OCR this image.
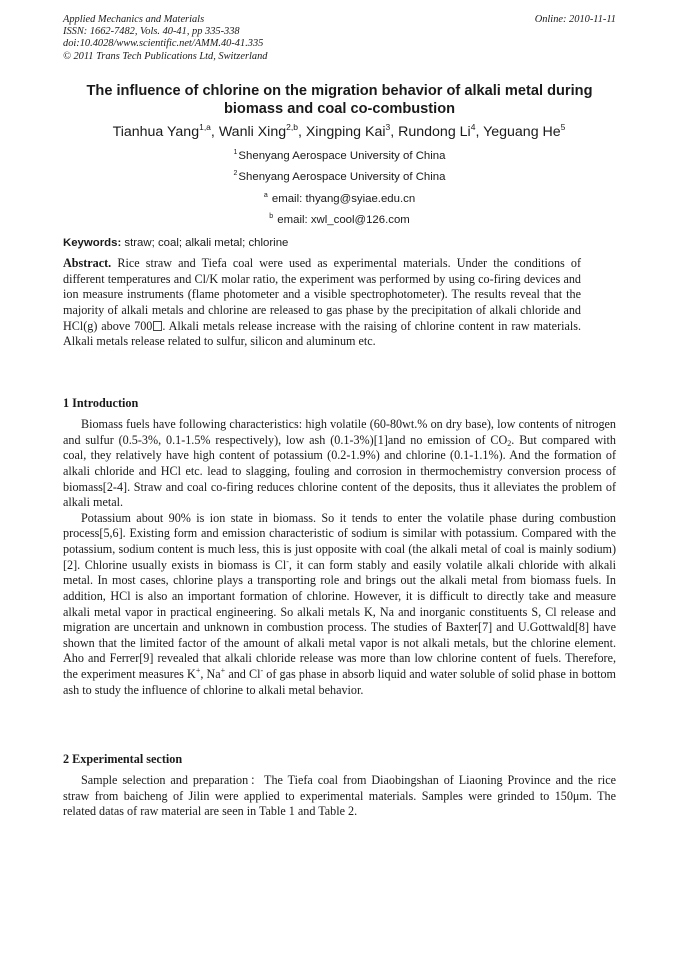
Applied Mechanics and Materials
ISSN: 1662-7482, Vols. 40-41, pp 335-338
doi:10.4028/www.scientific.net/AMM.40-41.335
© 2011 Trans Tech Publications Ltd, Switzerland
Online: 2010-11-11
The influence of chlorine on the migration behavior of alkali metal during biomass and coal co-combustion
Tianhua Yang$^{1,a}$, Wanli Xing$^{2,b}$, Xingping Kai$^3$, Rundong Li$^4$, Yeguang He$^5$
$^1$Shenyang Aerospace University of China
$^2$Shenyang Aerospace University of China
$^a$ email: thyang@syiae.edu.cn
$^b$ email: xwl_cool@126.com
Keywords: straw; coal; alkali metal; chlorine

Abstract. Rice straw and Tiefa coal were used as experimental materials. Under the conditions of different temperatures and Cl/K molar ratio, the experiment was performed by using co-firing devices and ion measure instruments (flame photometer and a visible spectrophotometer). The results reveal that the majority of alkali metals and chlorine are released to gas phase by the precipitation of alkali chloride and HCl(g) above 700 . Alkali metals release increase with the raising of chlorine content in raw materials. Alkali metals release related to sulfur, silicon and aluminum etc.

1 Introduction

Biomass fuels have following characteristics: high volatile (60-80wt.% on dry base), low contents of nitrogen and sulfur (0.5-3%, 0.1-1.5% respectively), low ash (0.1-3%)[1]and no emission of $CO_2$. But compared with coal, they relatively have high content of potassium (0.2-1.9%) and chlorine (0.1-1.1%). And the formation of alkali chloride and HCl etc. lead to slagging, fouling and corrosion in thermochemistry conversion process of biomass[2-4]. Straw and coal co-firing reduces chlorine content of the deposits, thus it alleviates the problem of alkali metal.

Potassium about 90% is ion state in biomass. So it tends to enter the volatile phase during combustion process[5,6]. Existing form and emission characteristic of sodium is similar with potassium. Compared with the potassium, sodium content is much less, this is just opposite with coal (the alkali metal of coal is mainly sodium)[2]. Chlorine usually exists in biomass is Cl-, it can form stably and easily volatile alkali chloride with alkali metal. In most cases, chlorine plays a transporting role and brings out the alkali metal from biomass fuels. In addition, HCl is also an important formation of chlorine. However, it is difficult to directly take and measure alkali metal vapor in practical engineering. So alkali metals K, Na and inorganic constituents S, Cl release and migration are uncertain and unknown in combustion process. The studies of Baxter[7] and U.Gottwald[8] have shown that the limited factor of the amount of alkali metal vapor is not alkali metals, but the chlorine element. Aho and Ferrer[9] revealed that alkali chloride release was more than low chlorine content of fuels. Therefore, the experiment measures K+, Na+ and Cl- of gas phase in absorb liquid and water soluble of solid phase in bottom ash to study the influence of chlorine to alkali metal behavior.

2 Experimental section

Sample selection and preparation：The Tiefa coal from Diaobingshan of Liaoning Province and the rice straw from baicheng of Jilin were applied to experimental materials. Samples were grinded to 150μm. The related datas of raw material are seen in Table 1 and Table 2.
